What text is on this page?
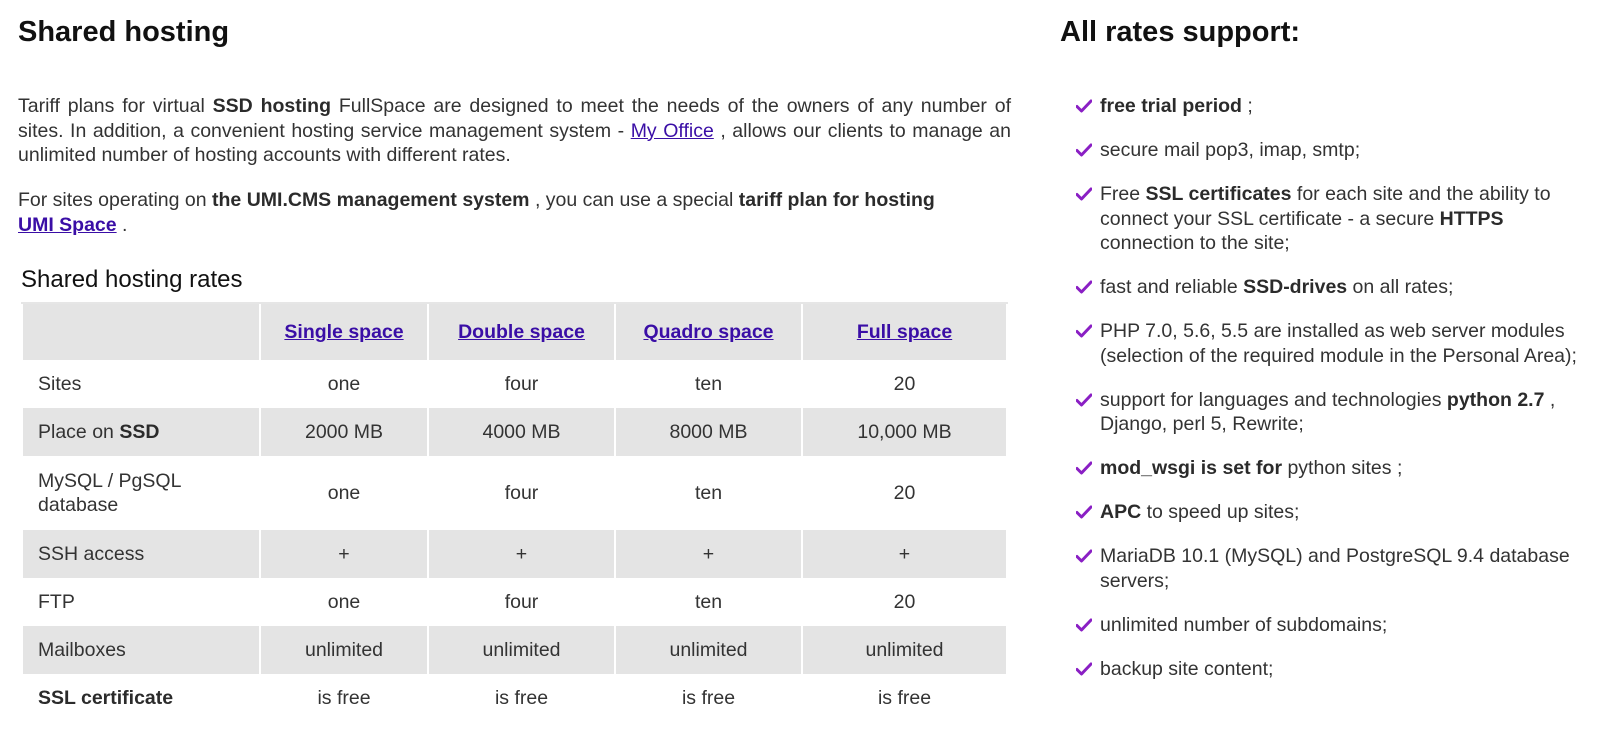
Shared hosting

Tariff plans for virtual SSD hosting FullSpace are designed to meet the needs of the owners of any number of sites. In addition, a convenient hosting service management system - My Office , allows our clients to manage an unlimited number of hosting accounts with different rates.

For sites operating on the UMI.CMS management system , you can use a special tariff plan for hosting
UMI Space .

Shared hosting rates
	Single space	Double space	Quadro space	Full space
Sites	one	four	ten	20
Place on SSD	2000 MB	4000 MB	8000 MB	10,000 MB
MySQL / PgSQL database	one	four	ten	20
SSH access	+	+	+	+
FTP	one	four	ten	20
Mailboxes	unlimited	unlimited	unlimited	unlimited
SSL certificate	is free	is free	is free	is free
All rates support:
free trial period ;
secure mail pop3, imap, smtp;
Free SSL certificates for each site and the ability to connect your SSL certificate - a secure HTTPS connection to the site;
fast and reliable SSD-drives on all rates;
PHP 7.0, 5.6, 5.5 are installed as web server modules (selection of the required module in the Personal Area);
support for languages and technologies python 2.7 , Django, perl 5, Rewrite;
mod_wsgi is set for python sites ;
APC to speed up sites;
MariaDB 10.1 (MySQL) and PostgreSQL 9.4 database servers;
unlimited number of subdomains;
backup site content;
